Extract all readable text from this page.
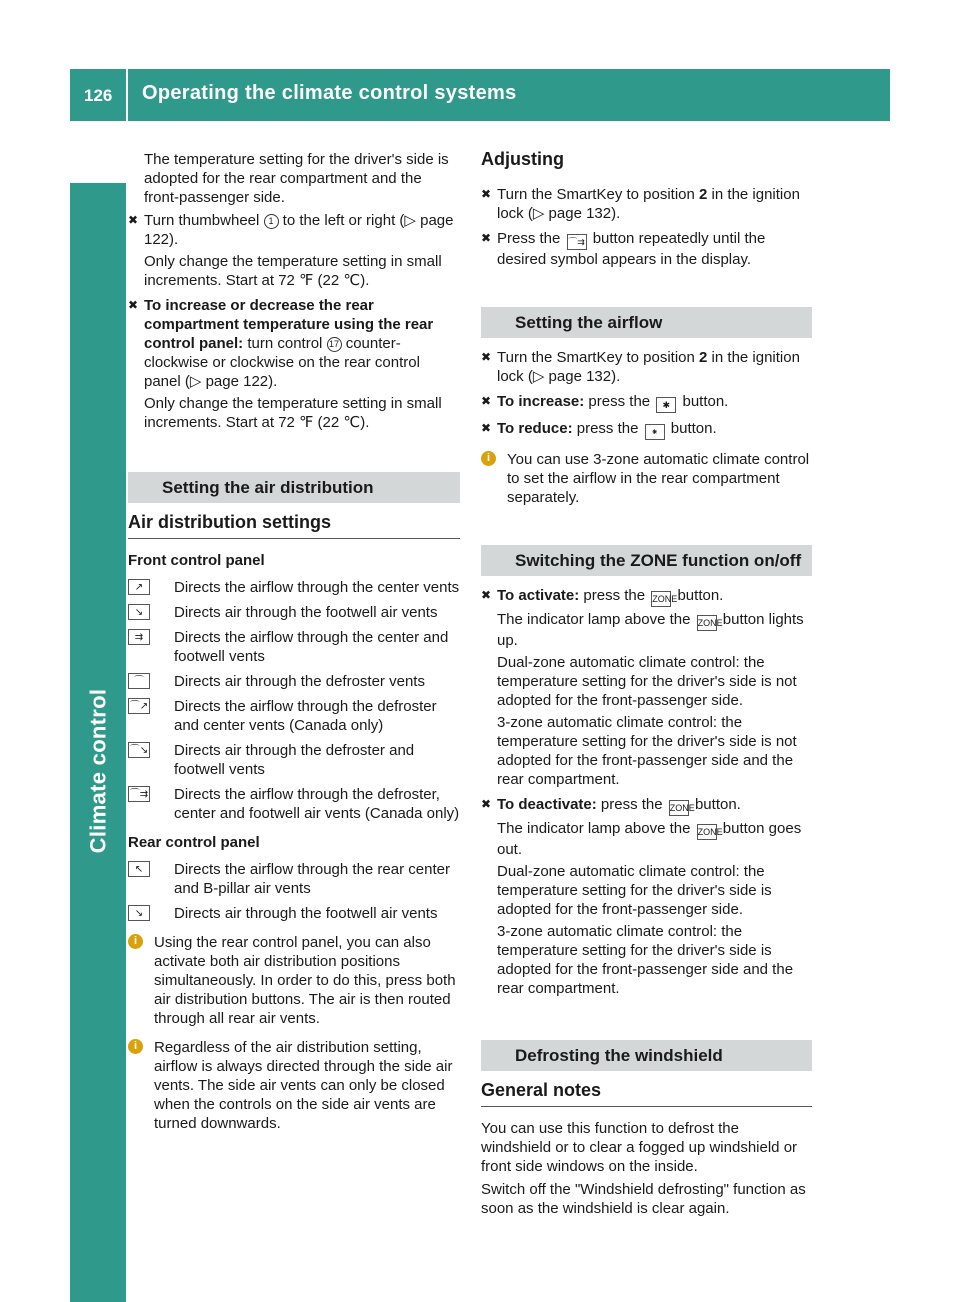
126 Operating the climate control systems
Climate control

The temperature setting for the driver's side is adopted for the rear compartment and the front-passenger side.

✖ Turn thumbwheel 1 to the left or right (▷ page 122).

Only change the temperature setting in small increments. Start at 72 ℉ (22 ℃).

✖ To increase or decrease the rear compartment temperature using the rear control panel: turn control 17 counter-clockwise or clockwise on the rear control panel (▷ page 122).

Only change the temperature setting in small increments. Start at 72 ℉ (22 ℃).

Setting the air distribution
Air distribution settings
Front control panel
↗	Directs the airflow through the center vents
↘	Directs air through the footwell air vents
⇉	Directs the airflow through the center and footwell vents
⌒	Directs air through the defroster vents
⌒↗ Directs the airflow through the defroster and center vents (Canada only)
⌒↘ Directs air through the defroster and footwell vents
⌒⇉ Directs the airflow through the defroster, center and footwell air vents (Canada only)
Rear control panel
↖	Directs the airflow through the rear center and B-pillar air vents
↘	Directs air through the footwell air vents
i	Using the rear control panel, you can also activate both air distribution positions simultaneously. In order to do this, press both air distribution buttons. The air is then routed through all rear air vents.
i	Regardless of the air distribution setting, airflow is always directed through the side air vents. The side air vents can only be closed when the controls on the side air vents are turned downwards.
Adjusting
✖ Turn the SmartKey to position 2 in the ignition lock (▷ page 132).

✖ Press the ⌒⇉ button repeatedly until the desired symbol appears in the display.

Setting the airflow
✖ Turn the SmartKey to position 2 in the ignition lock (▷ page 132).

✖ To increase: press the ✱ button.

✖ To reduce: press the ⁕ button.

i	You can use 3-zone automatic climate control to set the airflow in the rear compartment separately.
Switching the ZONE function on/off
✖ To activate: press the ZONE button.

The indicator lamp above the ZONE button lights up.

Dual-zone automatic climate control: the temperature setting for the driver's side is not adopted for the front-passenger side.

3-zone automatic climate control: the temperature setting for the driver's side is not adopted for the front-passenger side and the rear compartment.

✖ To deactivate: press the ZONE button.

The indicator lamp above the ZONE button goes out.

Dual-zone automatic climate control: the temperature setting for the driver's side is adopted for the front-passenger side.

3-zone automatic climate control: the temperature setting for the driver's side is adopted for the front-passenger side and the rear compartment.

Defrosting the windshield
General notes

You can use this function to defrost the windshield or to clear a fogged up windshield or front side windows on the inside.

Switch off the "Windshield defrosting" function as soon as the windshield is clear again.
